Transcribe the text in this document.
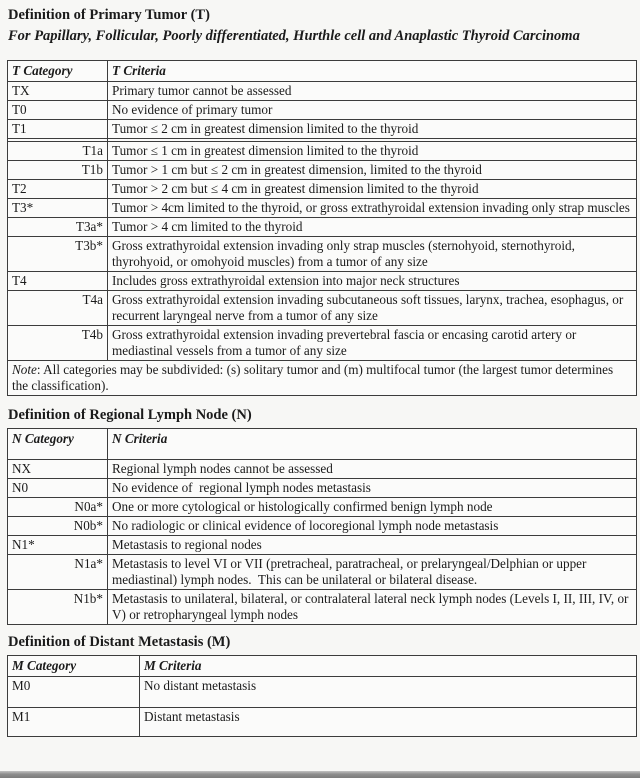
Definition of Primary Tumor (T)

For Papillary, Follicular, Poorly differentiated, Hurthle cell and Anaplastic Thyroid Carcinoma

T Category	T Criteria
TX	Primary tumor cannot be assessed
T0	No evidence of primary tumor
T1	Tumor ≤ 2 cm in greatest dimension limited to the thyroid

T1a	Tumor ≤ 1 cm in greatest dimension limited to the thyroid
T1b	Tumor > 1 cm but ≤ 2 cm in greatest dimension, limited to the thyroid
T2	Tumor > 2 cm but ≤ 4 cm in greatest dimension limited to the thyroid
T3*	Tumor > 4cm limited to the thyroid, or gross extrathyroidal extension invading only strap muscles
T3a*	Tumor > 4 cm limited to the thyroid
T3b*	Gross extrathyroidal extension invading only strap muscles (sternohyoid, sternothyroid, thyrohyoid, or omohyoid muscles) from a tumor of any size
T4	Includes gross extrathyroidal extension into major neck structures
T4a	Gross extrathyroidal extension invading subcutaneous soft tissues, larynx, trachea, esophagus, or recurrent laryngeal nerve from a tumor of any size
T4b	Gross extrathyroidal extension invading prevertebral fascia or encasing carotid artery or mediastinal vessels from a tumor of any size
Note: All categories may be subdivided: (s) solitary tumor and (m) multifocal tumor (the largest tumor determines the classification).	
Definition of Regional Lymph Node (N)
N Category	N Criteria
NX	Regional lymph nodes cannot be assessed
N0	No evidence of  regional lymph nodes metastasis
N0a*	One or more cytological or histologically confirmed benign lymph node
N0b*	No radiologic or clinical evidence of locoregional lymph node metastasis
N1*	Metastasis to regional nodes
N1a*	Metastasis to level VI or VII (pretracheal, paratracheal, or prelaryngeal/Delphian or upper mediastinal) lymph nodes.  This can be unilateral or bilateral disease.
N1b*	Metastasis to unilateral, bilateral, or contralateral lateral neck lymph nodes (Levels I, II, III, IV, or V) or retropharyngeal lymph nodes
Definition of Distant Metastasis (M)
M Category	M Criteria
M0	No distant metastasis
M1	Distant metastasis
